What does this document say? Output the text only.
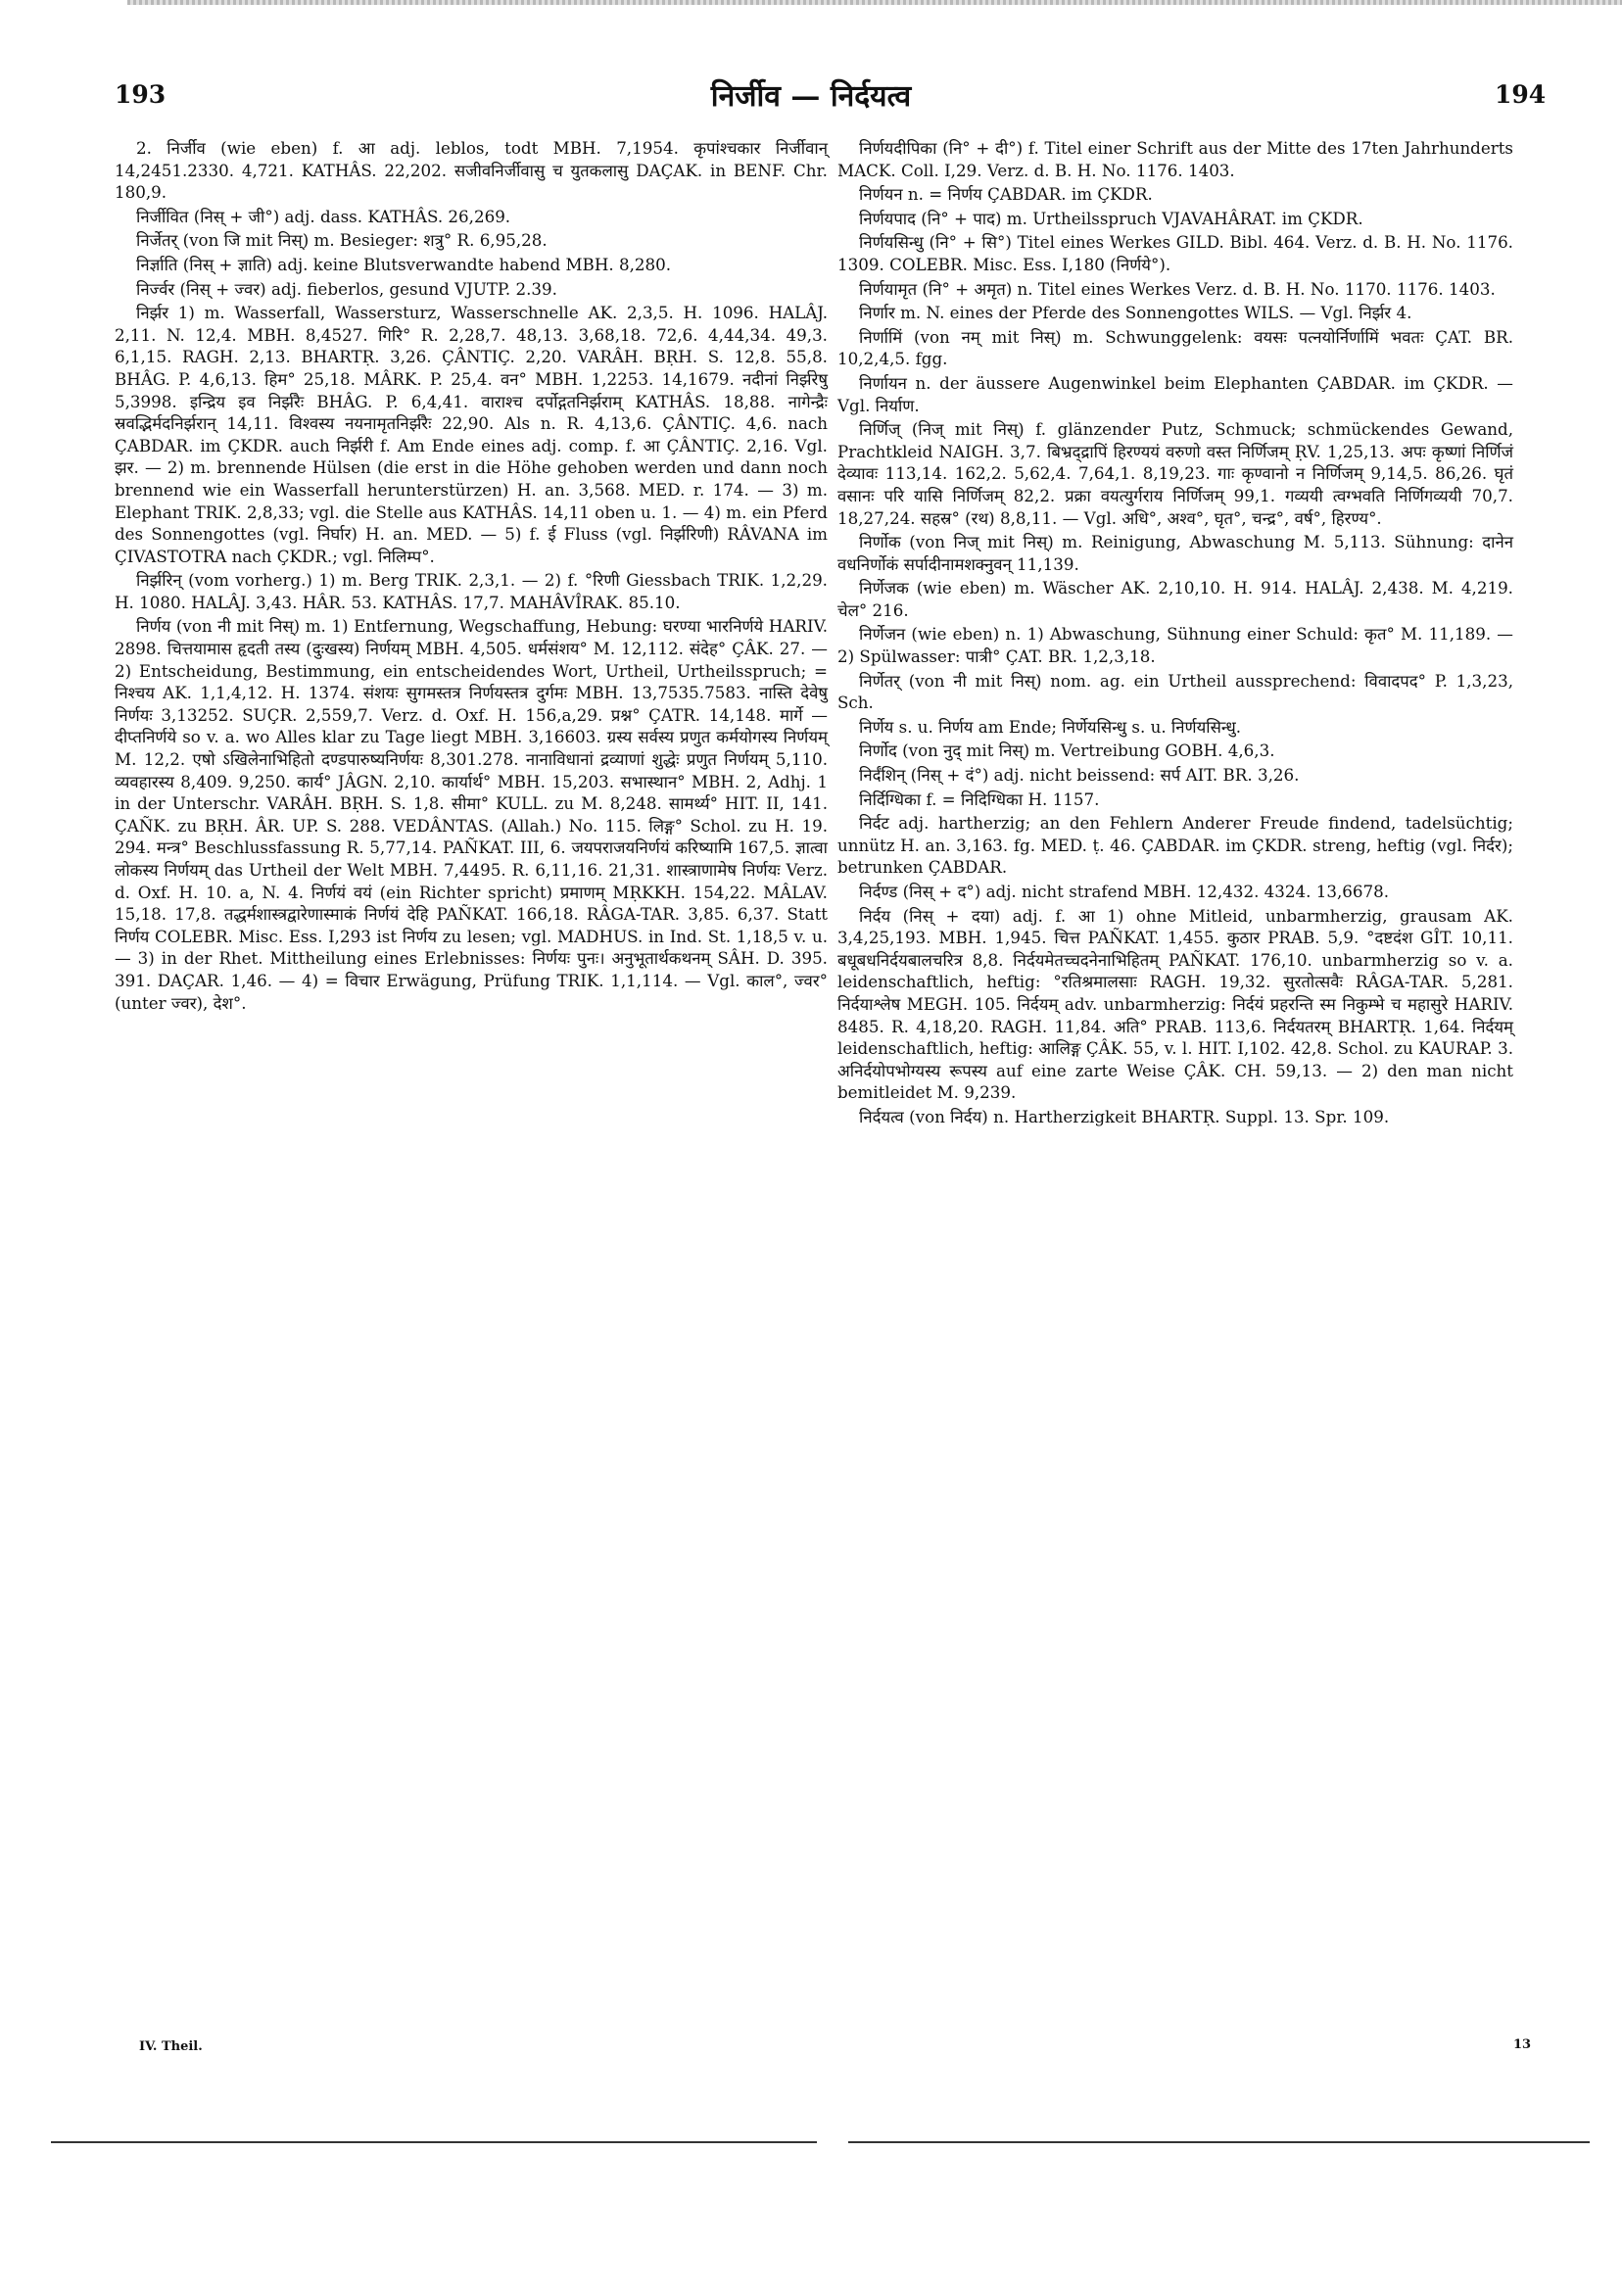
193	निर्जीव — निर्दयत्व	194

2. निर्जीव (wie eben) f. आ adj. leblos, todt MBH. 7,1954. कृपांश्चकार निर्जीवान् 14,2451.2330. 4,721. KATHÂS. 22,202. सजीवनिर्जीवासु च युतकलासु DAÇAK. in BENF. Chr. 180,9.

निर्जीवित (निस् + जी°) adj. dass. KATHÂS. 26,269.

निर्जेतर् (von जि mit निस्) m. Besieger: शत्रु° R. 6,95,28.

निर्ज्ञाति (निस् + ज्ञाति) adj. keine Blutsverwandte habend MBH. 8,280.

निर्ज्वर (निस् + ज्वर) adj. fieberlos, gesund VJUTP. 2.39.

निर्झर 1) m. Wasserfall, Wassersturz, Wasserschnelle AK. 2,3,5. H. 1096. HALÂJ. 2,11. N. 12,4. MBH. 8,4527. गिरि° R. 2,28,7. 48,13. 3,68,18. 72,6. 4,44,34. 49,3. 6,1,15. RAGH. 2,13. BHARTṚ. 3,26. ÇÂNTIÇ. 2,20. VARÂH. BṚH. S. 12,8. 55,8. BHÂG. P. 4,6,13. हिम° 25,18. MÂRK. P. 25,4. वन° MBH. 1,2253. 14,1679. नदीनां निर्झरेषु 5,3998. इन्द्रिय इव निर्झरैः BHÂG. P. 6,4,41. वाराश्च दर्पोद्गतनिर्झराम् KATHÂS. 18,88. नागेन्द्रैः स्रवद्भिर्मदनिर्झरान् 14,11. विश्वस्य नयनामृतनिर्झरैः 22,90. Als n. R. 4,13,6. ÇÂNTIÇ. 4,6. nach ÇABDAR. im ÇKDR. auch निर्झरी f. Am Ende eines adj. comp. f. आ ÇÂNTIÇ. 2,16. Vgl. झर. — 2) m. brennende Hülsen (die erst in die Höhe gehoben werden und dann noch brennend wie ein Wasserfall herunterstürzen) H. an. 3,568. MED. r. 174. — 3) m. Elephant TRIK. 2,8,33; vgl. die Stelle aus KATHÂS. 14,11 oben u. 1. — 4) m. ein Pferd des Sonnengottes (vgl. निर्घार) H. an. MED. — 5) f. ई Fluss (vgl. निर्झरिणी) RÂVANA im ÇIVASTOTRA nach ÇKDR.; vgl. निलिम्प°.

निर्झरिन् (vom vorherg.) 1) m. Berg TRIK. 2,3,1. — 2) f. °रिणी Giessbach TRIK. 1,2,29. H. 1080. HALÂJ. 3,43. HÂR. 53. KATHÂS. 17,7. MAHÂVÎRAK. 85.10.

निर्णय (von नी mit निस्) m. 1) Entfernung, Wegschaffung, Hebung: घरण्या भारनिर्णये HARIV. 2898. चित्तयामास हृदती तस्य (दुःखस्य) निर्णयम् MBH. 4,505. धर्मसंशय° M. 12,112. संदेह° ÇÂK. 27. — 2) Entscheidung, Bestimmung, ein entscheidendes Wort, Urtheil, Urtheilsspruch; = निश्चय AK. 1,1,4,12. H. 1374. संशयः सुगमस्तत्र निर्णयस्तत्र दुर्गमः MBH. 13,7535.7583. नास्ति देवेषु निर्णयः 3,13252. SUÇR. 2,559,7. Verz. d. Oxf. H. 156,a,29. प्रश्न° ÇATR. 14,148. मार्गे — दीप्तनिर्णये so v. a. wo Alles klar zu Tage liegt MBH. 3,16603. ग्रस्य सर्वस्य प्रणुत कर्मयोगस्य निर्णयम् M. 12,2. एषो ऽखिलेनाभिहितो दण्डपारुष्यनिर्णयः 8,301.278. नानाविधानां द्रव्याणां शुद्धेः प्रणुत निर्णयम् 5,110. व्यवहारस्य 8,409. 9,250. कार्य° JÂGN. 2,10. कार्यार्थ° MBH. 15,203. सभास्थान° MBH. 2, Adhj. 1 in der Unterschr. VARÂH. BṚH. S. 1,8. सीमा° KULL. zu M. 8,248. सामर्थ्य° HIT. II, 141. ÇAÑK. zu BṚH. ÂR. UP. S. 288. VEDÂNTAS. (Allah.) No. 115. लिङ्ग° Schol. zu H. 19. 294. मन्त्र° Beschlussfassung R. 5,77,14. PAÑKAT. III, 6. जयपराजयनिर्णयं करिष्यामि 167,5. ज्ञात्वा लोकस्य निर्णयम् das Urtheil der Welt MBH. 7,4495. R. 6,11,16. 21,31. शास्त्राणामेष निर्णयः Verz. d. Oxf. H. 10. a, N. 4. निर्णयं वयं (ein Richter spricht) प्रमाणम् MṚKKH. 154,22. MÂLAV. 15,18. 17,8. तद्धर्मशास्त्रद्वारेणास्माकं निर्णयं देहि PAÑKAT. 166,18. RÂGA-TAR. 3,85. 6,37. Statt निर्णय COLEBR. Misc. Ess. I,293 ist निर्णय zu lesen; vgl. MADHUS. in Ind. St. 1,18,5 v. u. — 3) in der Rhet. Mittheilung eines Erlebnisses: निर्णयः पुनः। अनुभूतार्थकथनम् SÂH. D. 395. 391. DAÇAR. 1,46. — 4) = विचार Erwägung, Prüfung TRIK. 1,1,114. — Vgl. काल°, ज्वर° (unter ज्वर), देश°.

निर्णयदीपिका (नि° + दी°) f. Titel einer Schrift aus der Mitte des 17ten Jahrhunderts MACK. Coll. I,29. Verz. d. B. H. No. 1176. 1403.

निर्णयन n. = निर्णय ÇABDAR. im ÇKDR.

निर्णयपाद (नि° + पाद) m. Urtheilsspruch VJAVAHÂRAT. im ÇKDR.

निर्णयसिन्धु (नि° + सि°) Titel eines Werkes GILD. Bibl. 464. Verz. d. B. H. No. 1176. 1309. COLEBR. Misc. Ess. I,180 (निर्णये°).

निर्णयामृत (नि° + अमृत) n. Titel eines Werkes Verz. d. B. H. No. 1170. 1176. 1403.

निर्णार m. N. eines der Pferde des Sonnengottes WILS. — Vgl. निर्झर 4.

निर्णामिं (von नम् mit निस्) m. Schwunggelenk: वयसः पत्नयोर्निर्णामिं भवतः ÇAT. BR. 10,2,4,5. fgg.

निर्णायन n. der äussere Augenwinkel beim Elephanten ÇABDAR. im ÇKDR. — Vgl. निर्याण.

निर्णिज् (निज् mit निस्) f. glänzender Putz, Schmuck; schmückendes Gewand, Prachtkleid NAIGH. 3,7. बिभ्रद्द्रापिं हिरण्ययं वरुणो वस्त निर्णिजम् ṚV. 1,25,13. अपः कृष्णां निर्णिजं देव्यावः 113,14. 162,2. 5,62,4. 7,64,1. 8,19,23. गाः कृण्वानो न निर्णिजम् 9,14,5. 86,26. घृतं वसानः परि यासि निर्णिजम् 82,2. प्रक्रा वयत्युर्गराय निर्णिजम् 99,1. गव्ययी त्वग्भवति निर्णिगव्ययी 70,7. 18,27,24. सहस्र° (रथ) 8,8,11. — Vgl. अधि°, अश्व°, घृत°, चन्द्र°, वर्ष°, हिरण्य°.

निर्णोक (von निज् mit निस्) m. Reinigung, Abwaschung M. 5,113. Sühnung: दानेन वधनिर्णोकं सर्पादीनामशक्नुवन् 11,139.

निर्णेजक (wie eben) m. Wäscher AK. 2,10,10. H. 914. HALÂJ. 2,438. M. 4,219. चेल° 216.

निर्णेजन (wie eben) n. 1) Abwaschung, Sühnung einer Schuld: कृत° M. 11,189. — 2) Spülwasser: पात्री° ÇAT. BR. 1,2,3,18.

निर्णेतर् (von नी mit निस्) nom. ag. ein Urtheil aussprechend: विवादपद° P. 1,3,23, Sch.

निर्णेय s. u. निर्णय am Ende; निर्णेयसिन्धु s. u. निर्णयसिन्धु.

निर्णोद (von नुद् mit निस्) m. Vertreibung GOBH. 4,6,3.

निर्दंशिन् (निस् + दं°) adj. nicht beissend: सर्प AIT. BR. 3,26.

निर्दिग्धिका f. = निदिग्धिका H. 1157.

निर्दट adj. hartherzig; an den Fehlern Anderer Freude findend, tadelsüchtig; unnütz H. an. 3,163. fg. MED. ṭ. 46. ÇABDAR. im ÇKDR. streng, heftig (vgl. निर्दर); betrunken ÇABDAR.

निर्दण्ड (निस् + द°) adj. nicht strafend MBH. 12,432. 4324. 13,6678.

निर्दय (निस् + दया) adj. f. आ 1) ohne Mitleid, unbarmherzig, grausam AK. 3,4,25,193. MBH. 1,945. चित्त PAÑKAT. 1,455. कुठार PRAB. 5,9. °दष्टदंश GÎT. 10,11. बधूबधनिर्दयबालचरित्र 8,8. निर्दयमेतच्चदनेनाभिहितम् PAÑKAT. 176,10. unbarmherzig so v. a. leidenschaftlich, heftig: °रतिश्रमालसाः RAGH. 19,32. सुरतोत्सवैः RÂGA-TAR. 5,281. निर्दयाश्लेष MEGH. 105. निर्दयम् adv. unbarmherzig: निर्दयं प्रहरन्ति स्म निकुम्भे च महासुरे HARIV. 8485. R. 4,18,20. RAGH. 11,84. अति° PRAB. 113,6. निर्दयतरम् BHARTṚ. 1,64. निर्दयम् leidenschaftlich, heftig: आलिङ्ग ÇÂK. 55, v. l. HIT. I,102. 42,8. Schol. zu KAURAP. 3. अनिर्दयोपभोग्यस्य रूपस्य auf eine zarte Weise ÇÂK. CH. 59,13. — 2) den man nicht bemitleidet M. 9,239.

निर्दयत्व (von निर्दय) n. Hartherzigkeit BHARTṚ. Suppl. 13. Spr. 109.

IV. Theil.	13
